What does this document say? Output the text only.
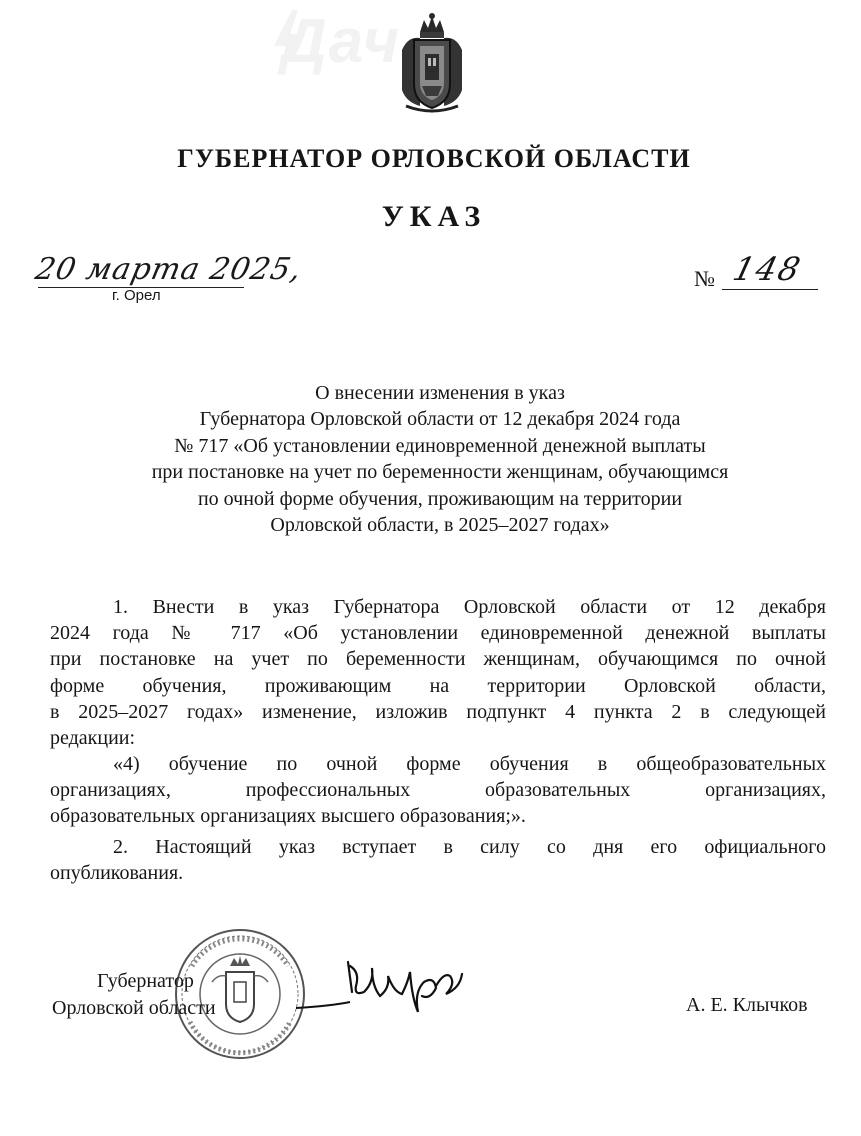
Дач
ГУБЕРНАТОР ОРЛОВСКОЙ ОБЛАСТИ
УКАЗ
20 марта 2025,
г. Орел
№ 148
О внесении изменения в указ
Губернатора Орловской области от 12 декабря 2024 года
№ 717 «Об установлении единовременной денежной выплаты
при постановке на учет по беременности женщинам, обучающимся
по очной форме обучения, проживающим на территории
Орловской области, в 2025–2027 годах»
1. Внести в указ Губернатора Орловской области от 12 декабря
2024 года № 717 «Об установлении единовременной денежной выплаты
при постановке на учет по беременности женщинам, обучающимся по очной
форме обучения, проживающим на территории Орловской области,
в 2025–2027 годах» изменение, изложив подпункт 4 пункта 2 в следующей
редакции:
«4) обучение по очной форме обучения в общеобразовательных
организациях, профессиональных образовательных организациях,
образовательных организациях высшего образования;».
2. Настоящий указ вступает в силу со дня его официального
опубликования.
Губернатор
Орловской области	А. Е. Клычков
